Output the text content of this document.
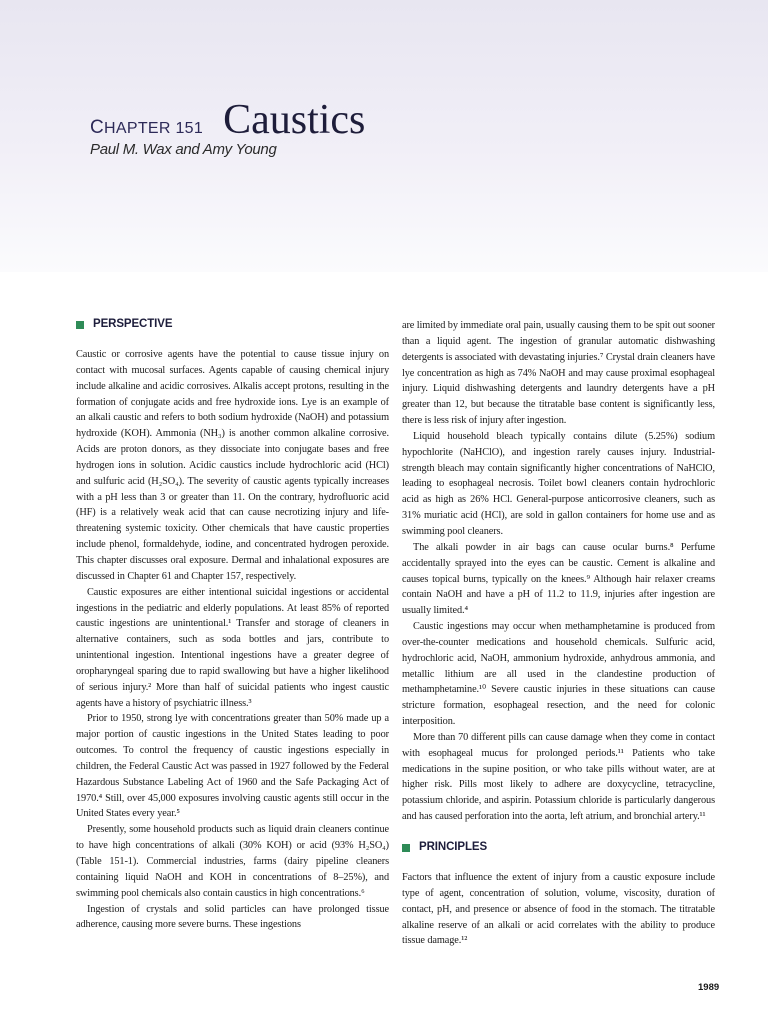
CHAPTER 151 Caustics
Paul M. Wax and Amy Young
PERSPECTIVE

Caustic or corrosive agents have the potential to cause tissue injury on contact with mucosal surfaces. Agents capable of causing chemical injury include alkaline and acidic corrosives. Alkalis accept protons, resulting in the formation of conjugate acids and free hydroxide ions. Lye is an example of an alkali caustic and refers to both sodium hydroxide (NaOH) and potassium hydroxide (KOH). Ammonia (NH₃) is another common alkaline corrosive. Acids are proton donors, as they dissociate into conjugate bases and free hydrogen ions in solution. Acidic caustics include hydrochloric acid (HCl) and sulfuric acid (H₂SO₄). The severity of caustic agents typically increases with a pH less than 3 or greater than 11. On the contrary, hydrofluoric acid (HF) is a relatively weak acid that can cause necrotizing injury and life-threatening systemic toxicity. Other chemicals that have caustic properties include phenol, formaldehyde, iodine, and concentrated hydrogen peroxide. This chapter discusses oral exposure. Dermal and inhalational exposures are discussed in Chapter 61 and Chapter 157, respectively.

Caustic exposures are either intentional suicidal ingestions or accidental ingestions in the pediatric and elderly populations. At least 85% of reported caustic ingestions are unintentional.¹ Transfer and storage of cleaners in alternative containers, such as soda bottles and jars, contribute to unintentional ingestion. Intentional ingestions have a greater degree of oropharyngeal sparing due to rapid swallowing but have a higher likelihood of serious injury.² More than half of suicidal patients who ingest caustic agents have a history of psychiatric illness.³

Prior to 1950, strong lye with concentrations greater than 50% made up a major portion of caustic ingestions in the United States leading to poor outcomes. To control the frequency of caustic ingestions especially in children, the Federal Caustic Act was passed in 1927 followed by the Federal Hazardous Substance Labeling Act of 1960 and the Safe Packaging Act of 1970.⁴ Still, over 45,000 exposures involving caustic agents still occur in the United States every year.⁵

Presently, some household products such as liquid drain cleaners continue to have high concentrations of alkali (30% KOH) or acid (93% H₂SO₄) (Table 151-1). Commercial industries, farms (dairy pipeline cleaners containing liquid NaOH and KOH in concentrations of 8–25%), and swimming pool chemicals also contain caustics in high concentrations.⁶

Ingestion of crystals and solid particles can have prolonged tissue adherence, causing more severe burns. These ingestions

are limited by immediate oral pain, usually causing them to be spit out sooner than a liquid agent. The ingestion of granular automatic dishwashing detergents is associated with devastating injuries.⁷ Crystal drain cleaners have lye concentration as high as 74% NaOH and may cause proximal esophageal injury. Liquid dishwashing detergents and laundry detergents have a pH greater than 12, but because the titratable base content is significantly less, there is less risk of injury after ingestion.

Liquid household bleach typically contains dilute (5.25%) sodium hypochlorite (NaHClO), and ingestion rarely causes injury. Industrial-strength bleach may contain significantly higher concentrations of NaHClO, leading to esophageal necrosis. Toilet bowl cleaners contain hydrochloric acid as high as 26% HCl. General-purpose anticorrosive cleaners, such as 31% muriatic acid (HCl), are sold in gallon containers for home use and as swimming pool cleaners.

The alkali powder in air bags can cause ocular burns.⁸ Perfume accidentally sprayed into the eyes can be caustic. Cement is alkaline and causes topical burns, typically on the knees.⁹ Although hair relaxer creams contain NaOH and have a pH of 11.2 to 11.9, injuries after ingestion are usually limited.⁴

Caustic ingestions may occur when methamphetamine is produced from over-the-counter medications and household chemicals. Sulfuric acid, hydrochloric acid, NaOH, ammonium hydroxide, anhydrous ammonia, and metallic lithium are all used in the clandestine production of methamphetamine.¹⁰ Severe caustic injuries in these situations can cause stricture formation, esophageal resection, and the need for colonic interposition.

More than 70 different pills can cause damage when they come in contact with esophageal mucus for prolonged periods.¹¹ Patients who take medications in the supine position, or who take pills without water, are at higher risk. Pills most likely to adhere are doxycycline, tetracycline, potassium chloride, and aspirin. Potassium chloride is particularly dangerous and has caused perforation into the aorta, left atrium, and bronchial artery.¹¹

PRINCIPLES

Factors that influence the extent of injury from a caustic exposure include type of agent, concentration of solution, volume, viscosity, duration of contact, pH, and presence or absence of food in the stomach. The titratable alkaline reserve of an alkali or acid correlates with the ability to produce tissue damage.¹²

1989
